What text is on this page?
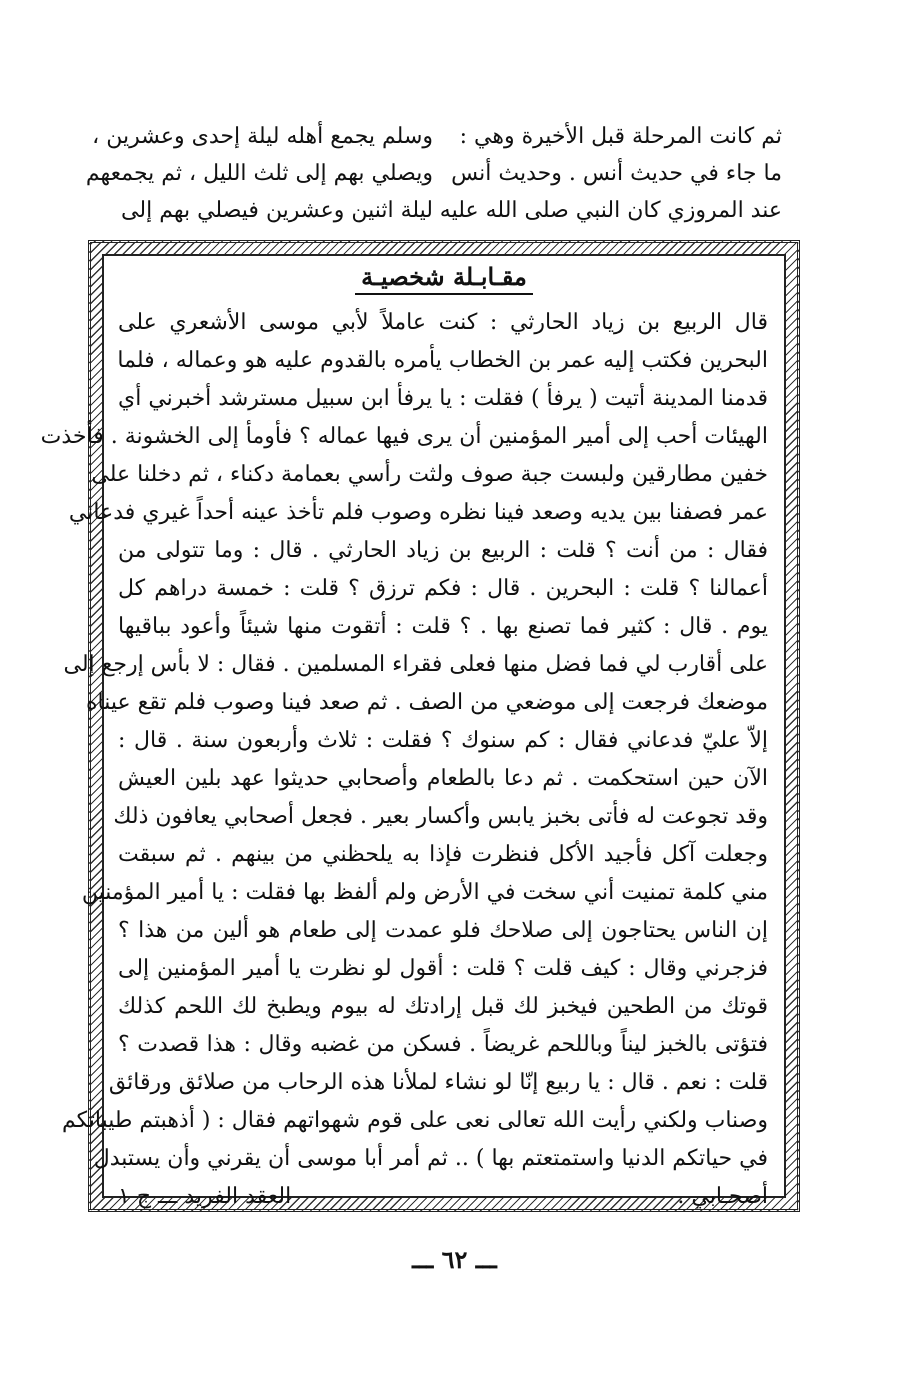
ثم كانت المرحلة قبل الأخيرة وهي :

ما جاء في حديث أنس . وحديث أنس

عند المروزي كان النبي صلى الله عليه

وسلم يجمع أهله ليلة إحدى وعشرين ،

ويصلي بهم إلى ثلث الليل ، ثم يجمعهم

ليلة اثنين وعشرين فيصلي بهم إلى

مقـابـلة شخصيـة
قال الربيع بن زياد الحارثي : كنت عاملاً لأبي موسى الأشعري على
البحرين فكتب إليه عمر بن الخطاب يأمره بالقدوم عليه هو وعماله ، فلما
قدمنا المدينة أتيت ( يرفأ ) فقلت : يا يرفأ ابن سبيل مسترشد أخبرني أي
الهيئات أحب إلى أمير المؤمنين أن يرى فيها عماله ؟ فأومأ إلى الخشونة . فأخذت
خفين مطارقين ولبست جبة صوف ولثت رأسي بعمامة دكناء ، ثم دخلنا على
عمر فصفنا بين يديه وصعد فينا نظره وصوب فلم تأخذ عينه أحداً غيري فدعاني
فقال : من أنت ؟ قلت : الربيع بن زياد الحارثي . قال : وما تتولى من
أعمالنا ؟ قلت : البحرين . قال : فكم ترزق ؟ قلت : خمسة دراهم كل
يوم . قال : كثير فما تصنع بها . ؟ قلت : أتقوت منها شيئاً وأعود بباقيها
على أقارب لي فما فضل منها فعلى فقراء المسلمين . فقال : لا بأس إرجع إلى
موضعك فرجعت إلى موضعي من الصف . ثم صعد فينا وصوب فلم تقع عيناه
إلاّ عليّ فدعاني فقال : كم سنوك ؟ فقلت : ثلاث وأربعون سنة . قال :
الآن حين استحكمت . ثم دعا بالطعام وأصحابي حديثوا عهد بلين العيش
وقد تجوعت له فأتى بخبز يابس وأكسار بعير . فجعل أصحابي يعافون ذلك
وجعلت آكل فأجيد الأكل فنظرت فإذا به يلحظني من بينهم . ثم سبقت
مني كلمة تمنيت أني سخت في الأرض ولم ألفظ بها فقلت : يا أمير المؤمنين
إن الناس يحتاجون إلى صلاحك فلو عمدت إلى طعام هو ألين من هذا ؟
فزجرني وقال : كيف قلت ؟ قلت : أقول لو نظرت يا أمير المؤمنين إلى
قوتك من الطحين فيخبز لك قبل إرادتك له بيوم ويطبخ لك اللحم كذلك
فتؤتى بالخبز ليناً وباللحم غريضاً . فسكن من غضبه وقال : هذا قصدت ؟
قلت : نعم . قال : يا ربيع إنّا لو نشاء لملأنا هذه الرحاب من صلائق ورقائق
وصناب ولكني رأيت الله تعالى نعى على قوم شهواتهم فقال : ( أذهبتم طيباتكم
في حياتكم الدنيا واستمتعتم بها ) .. ثم أمر أبا موسى أن يقرني وأن يستبدل
أصحـابي .
العقد الفريد ـــ ج ١
ـــ ٦٢ ـــ
